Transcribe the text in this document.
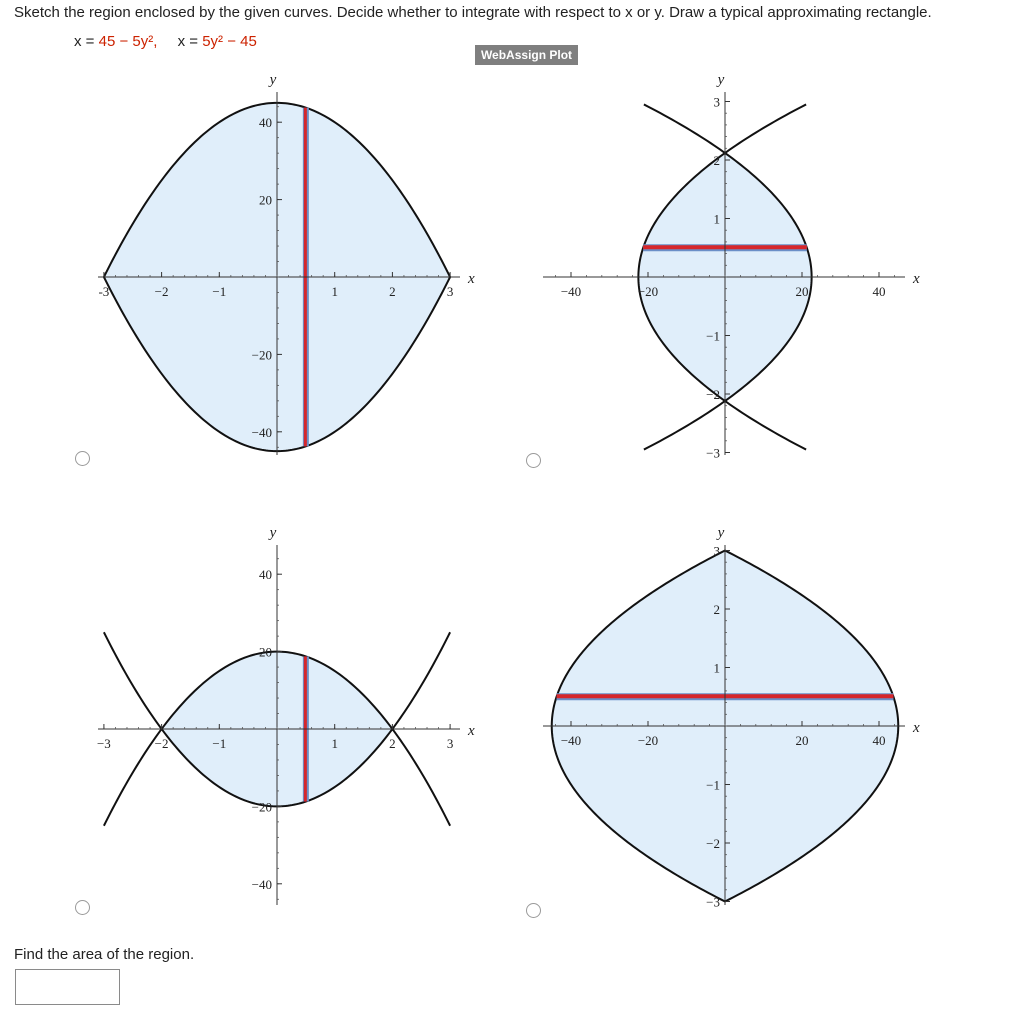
Sketch the region enclosed by the given curves. Decide whether to integrate with respect to x or y. Draw a typical approximating rectangle.
x = 45 − 5y², x = 5y² − 45
WebAssign Plot
-3	−2	−1	1	2	3
40
20
−20
−40
x
y
−40	−20	20	40
3
2
1
−1
−2
−3
x
y
−3	−2	−1	1	2	3
40
20
−20
−40
x
y
−40	−20	20	40
3
2
1
−1
−2
−3
x
y
Find the area of the region.
